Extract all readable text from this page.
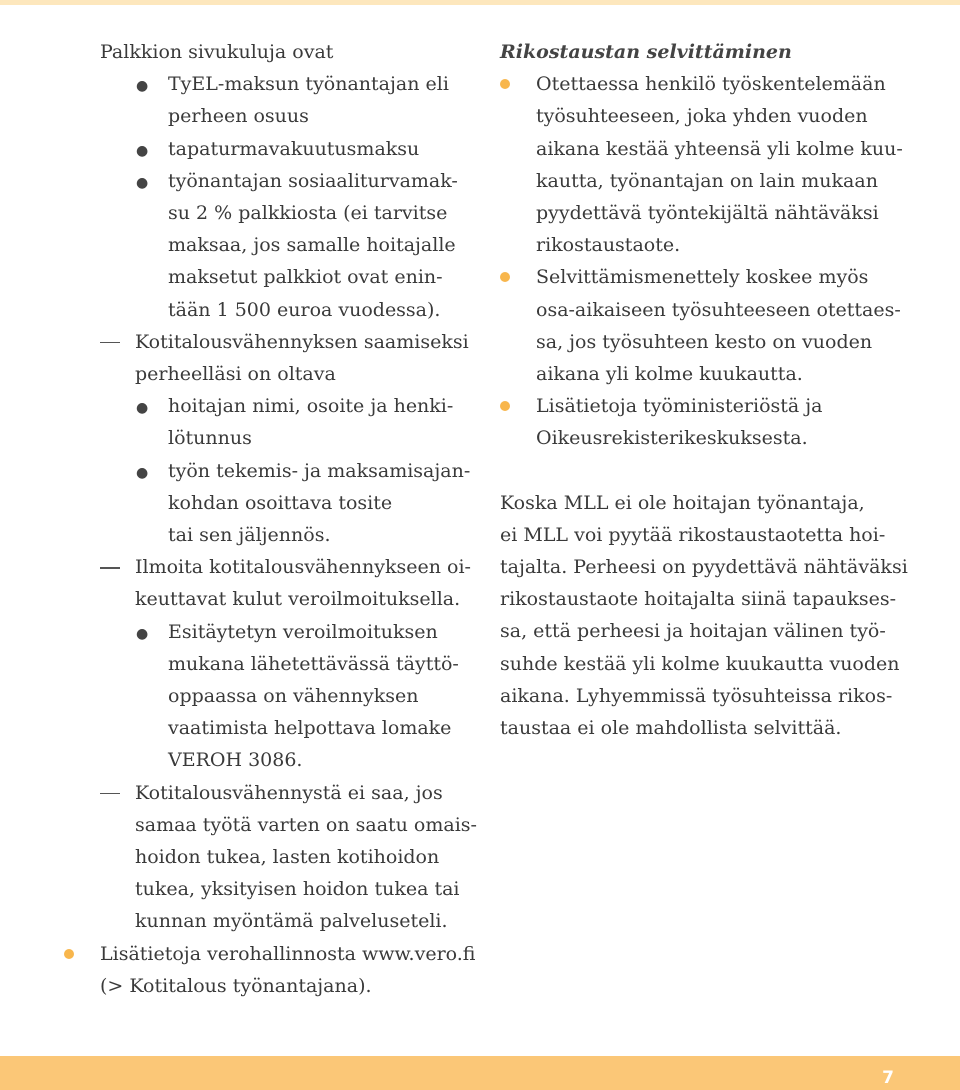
Palkkion sivukuluja ovat
● TyEL-maksun työnantajan eli
perheen osuus
● tapaturmavakuutusmaksu
● työnantajan sosiaaliturvamak-
su 2 % palkkiosta (ei tarvitse
maksaa, jos samalle hoitajalle
maksetut palkkiot ovat enin-
tään 1 500 euroa vuodessa).
Kotitalousvähennyksen saamiseksi
perheelläsi on oltava
● hoitajan nimi, osoite ja henki-
lötunnus
● työn tekemis- ja maksamisajan-
kohdan osoittava tosite
tai sen jäljennös.
Ilmoita kotitalousvähennykseen oi-
keuttavat kulut veroilmoituksella.
● Esitäytetyn veroilmoituksen
mukana lähetettävässä täyttö-
oppaassa on vähennyksen
vaatimista helpottava lomake
VEROH 3086.
Kotitalousvähennystä ei saa, jos
samaa työtä varten on saatu omais-
hoidon tukea, lasten kotihoidon
tukea, yksityisen hoidon tukea tai
kunnan myöntämä palveluseteli.
Lisätietoja verohallinnosta www.vero.fi
(> Kotitalous työnantajana).
Rikostaustan selvittäminen
Otettaessa henkilö työskentelemään
työsuhteeseen, joka yhden vuoden
aikana kestää yhteensä yli kolme kuu-
kautta, työnantajan on lain mukaan
pyydettävä työntekijältä nähtäväksi
rikostaustaote.
Selvittämismenettely koskee myös
osa-aikaiseen työsuhteeseen otettaes-
sa, jos työsuhteen kesto on vuoden
aikana yli kolme kuukautta.
Lisätietoja työministeriöstä ja
Oikeusrekisterikeskuksesta.
Koska MLL ei ole hoitajan työnantaja,
ei MLL voi pyytää rikostaustaotetta hoi-
tajalta. Perheesi on pyydettävä nähtäväksi
rikostaustaote hoitajalta siinä tapaukses-
sa, että perheesi ja hoitajan välinen työ-
suhde kestää yli kolme kuukautta vuoden
aikana. Lyhyemmissä työsuhteissa rikos-
taustaa ei ole mahdollista selvittää.
7
